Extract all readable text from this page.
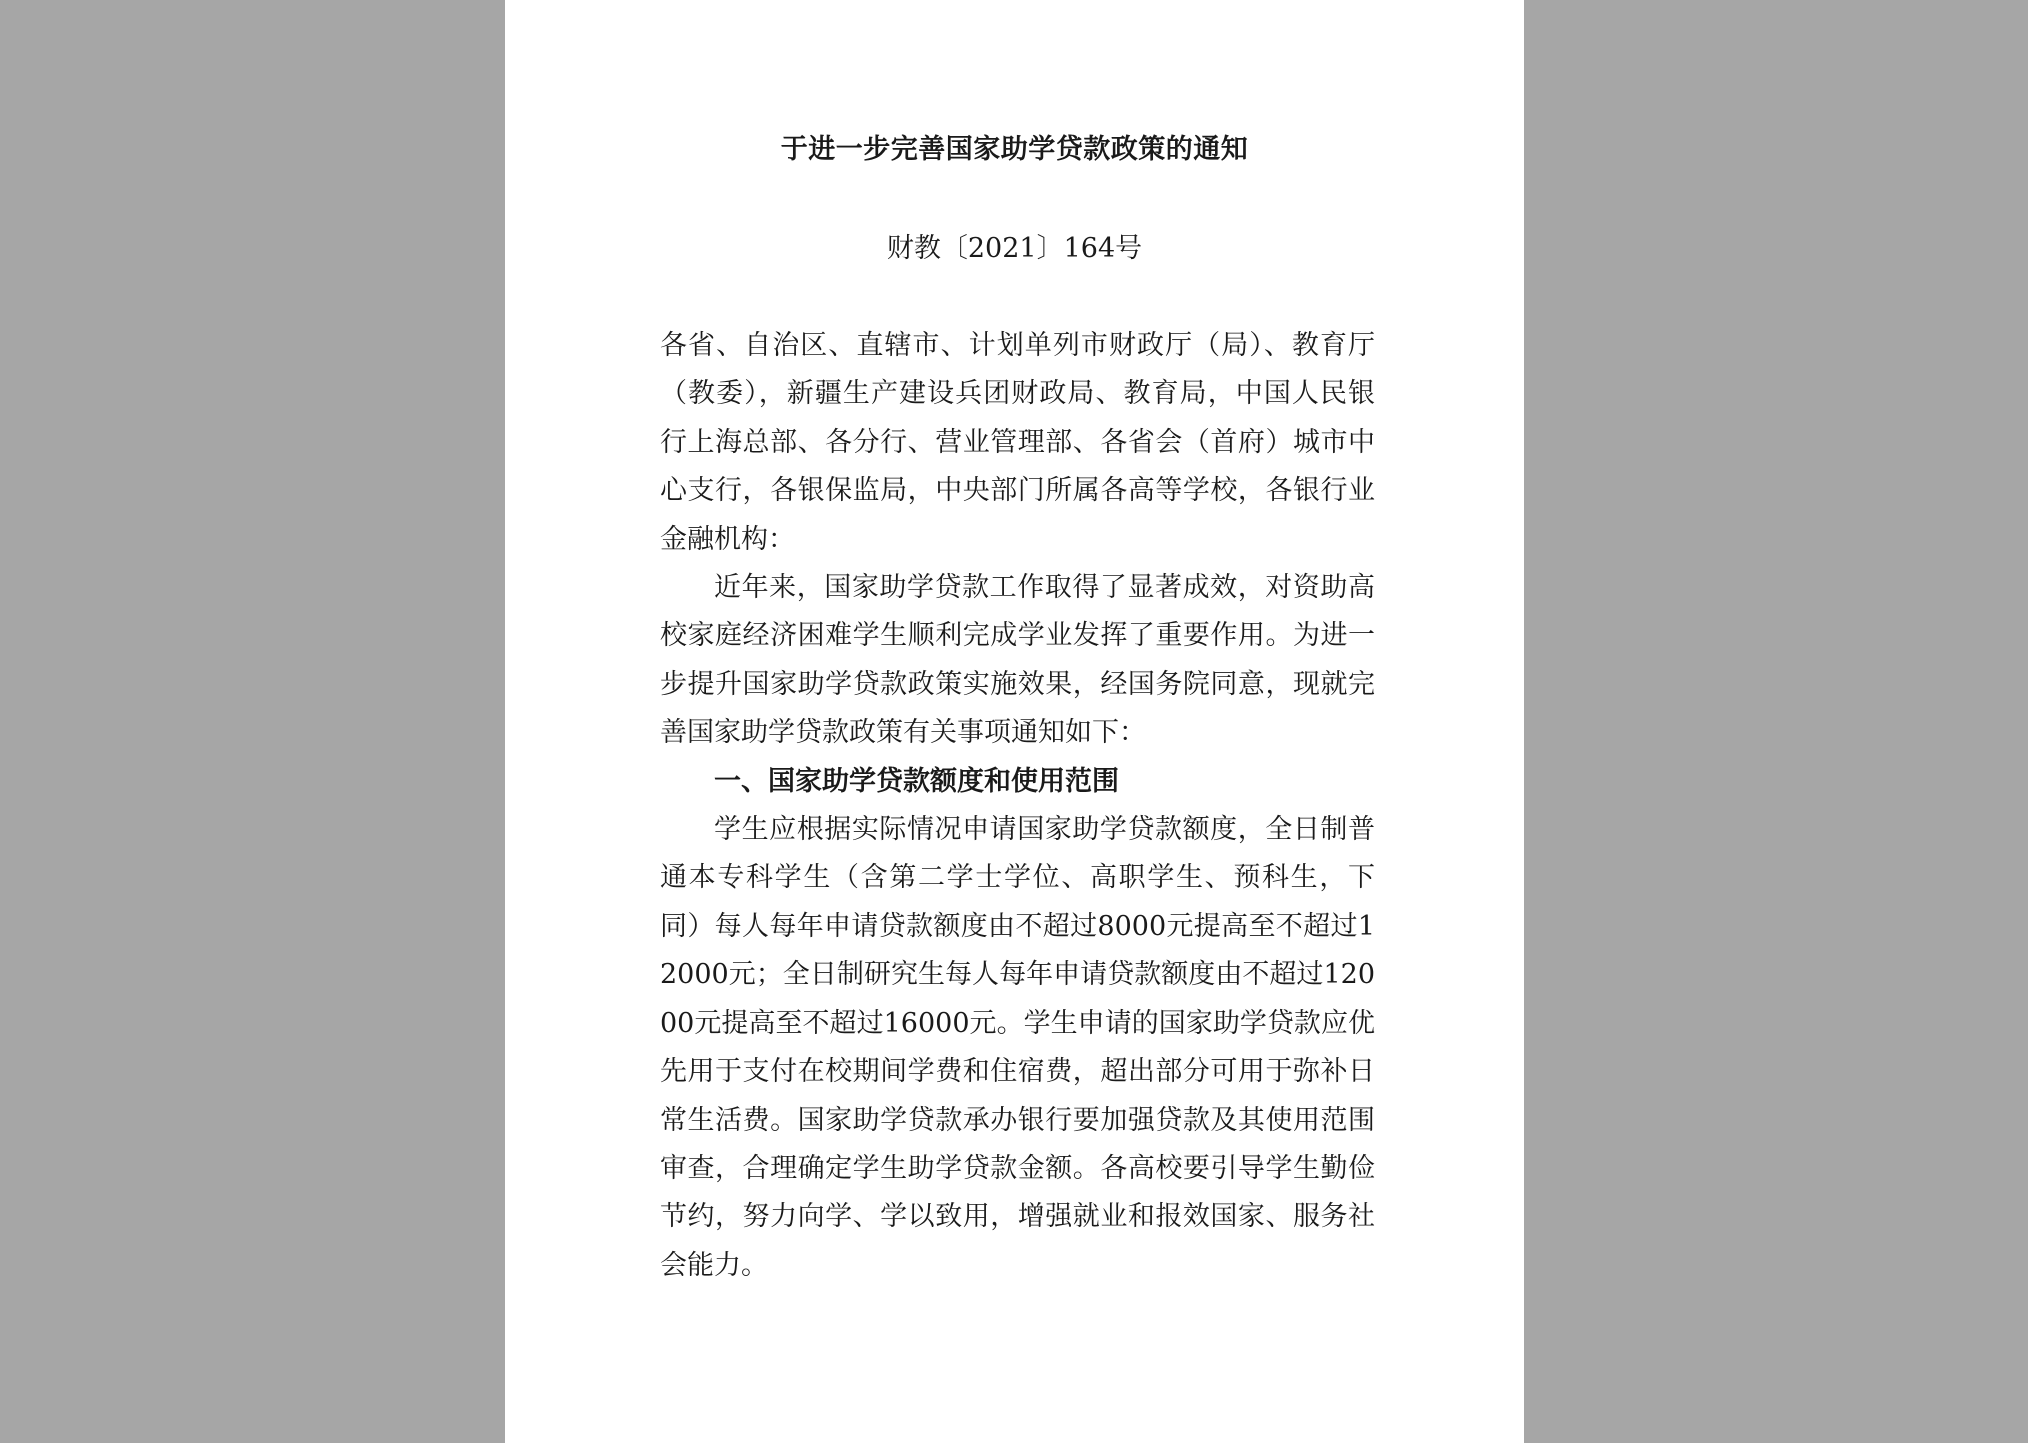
于进一步完善国家助学贷款政策的通知
财教〔2021〕164号

各省、自治区、直辖市、计划单列市财政厅（局）、教育厅（教委），新疆生产建设兵团财政局、教育局，中国人民银行上海总部、各分行、营业管理部、各省会（首府）城市中心支行，各银保监局，中央部门所属各高等学校，各银行业金融机构：

近年来，国家助学贷款工作取得了显著成效，对资助高校家庭经济困难学生顺利完成学业发挥了重要作用。为进一步提升国家助学贷款政策实施效果，经国务院同意，现就完善国家助学贷款政策有关事项通知如下：

一、国家助学贷款额度和使用范围

学生应根据实际情况申请国家助学贷款额度，全日制普通本专科学生（含第二学士学位、高职学生、预科生，下同）每人每年申请贷款额度由不超过8000元提高至不超过12000元；全日制研究生每人每年申请贷款额度由不超过12000元提高至不超过16000元。学生申请的国家助学贷款应优先用于支付在校期间学费和住宿费，超出部分可用于弥补日常生活费。国家助学贷款承办银行要加强贷款及其使用范围审查，合理确定学生助学贷款金额。各高校要引导学生勤俭节约，努力向学、学以致用，增强就业和报效国家、服务社会能力。
